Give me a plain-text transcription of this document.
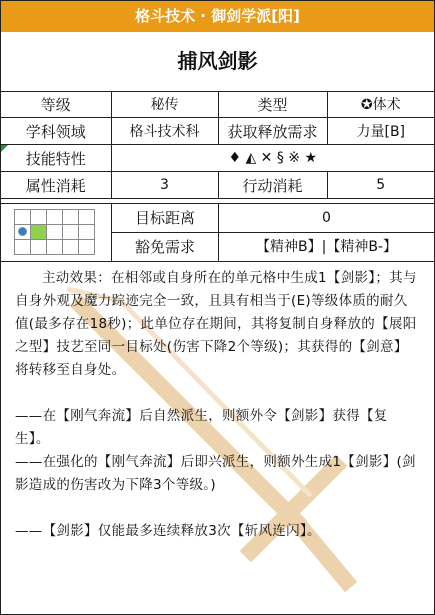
格斗技术 · 御剑学派[阳]
捕风剑影
等级	秘传	类型	✪体术
学科领域	格斗技术科	获取释放需求	力量[B]
技能特性	♦ ◭ ✕ § ※ ★		
属性消耗	3	行动消耗	5
目标距离	0
豁免需求	【精神B】|【精神B-】

主动效果：在相邻或自身所在的单元格中生成1【剑影】；其与自身外观及魔力踪迹完全一致，且具有相当于(E)等级体质的耐久值(最多存在18秒)；此单位存在期间，其将复制自身释放的【展阳之型】技艺至同一目标处(伤害下降2个等级)；其获得的【剑意】将转移至自身处。

——在【刚气奔流】后自然派生，则额外令【剑影】获得【复生】。

——在强化的【刚气奔流】后即兴派生，则额外生成1【剑影】(剑影造成的伤害改为下降3个等级。)

——【剑影】仅能最多连续释放3次【斩风连闪】。
